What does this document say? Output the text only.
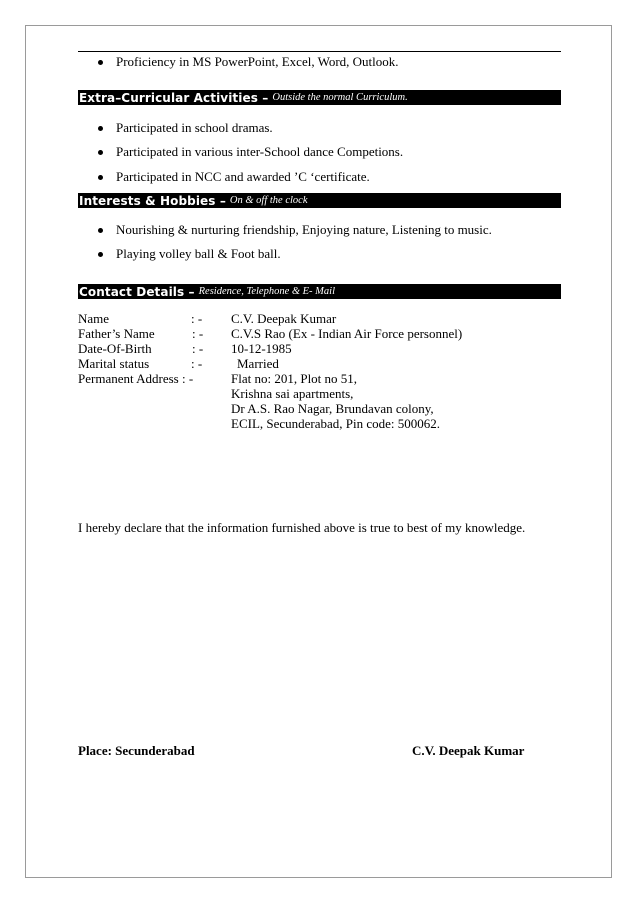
Proficiency in MS PowerPoint, Excel, Word, Outlook.
Extra–Curricular Activities – Outside the normal Curriculum.
Participated in school dramas.
Participated in various inter-School dance Competions.
Participated in NCC and awarded ’C ‘certificate.
Interests & Hobbies – On & off the clock
Nourishing & nurturing friendship, Enjoying nature, Listening to music.
Playing volley ball & Foot ball.
Contact Details – Residence, Telephone & E- Mail
Name	: - C.V. Deepak Kumar
Father’s Name	: - C.V.S Rao (Ex - Indian Air Force personnel)
Date-Of-Birth	: - 10-12-1985
Marital status	: -	Married
Permanent Address : -	Flat no: 201, Plot no 51,
Krishna sai apartments,
Dr A.S. Rao Nagar, Brundavan colony,
ECIL, Secunderabad, Pin code: 500062.
I hereby declare that the information furnished above is true to best of my knowledge.
Place: Secunderabad	C.V. Deepak Kumar
